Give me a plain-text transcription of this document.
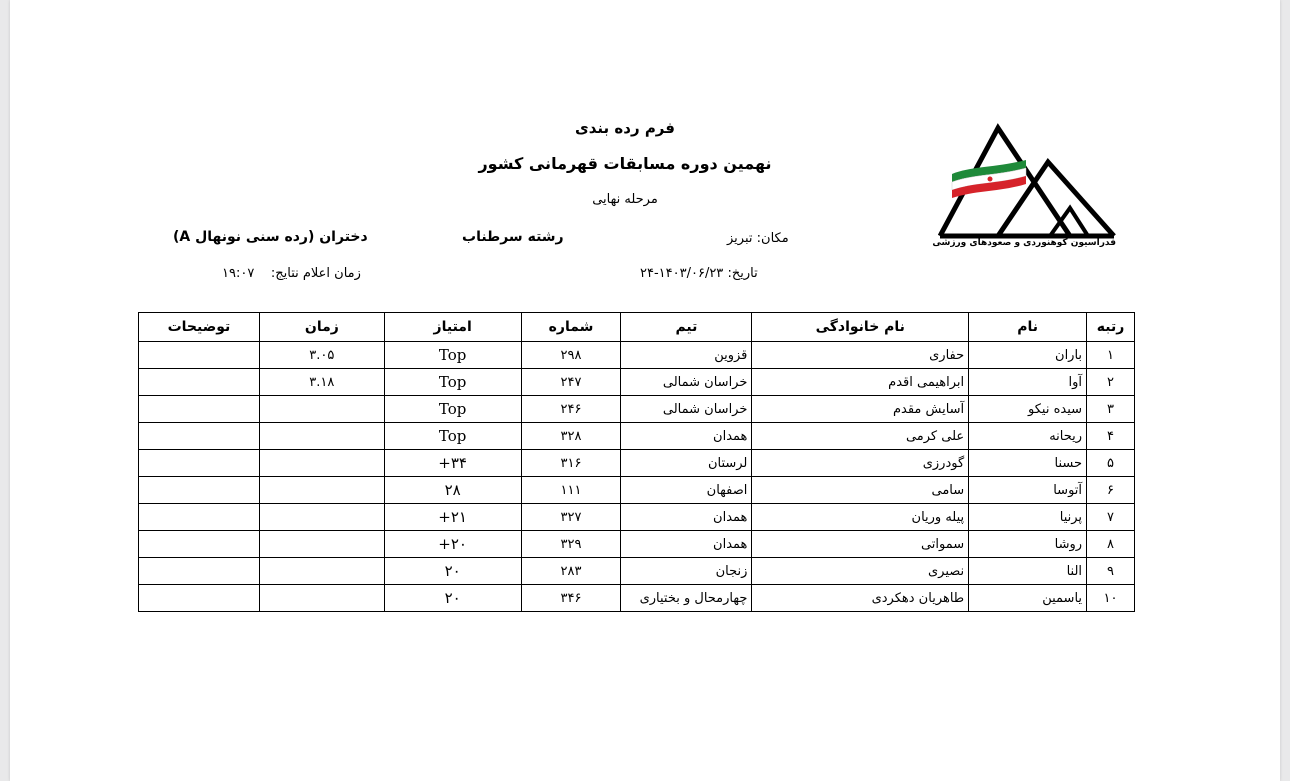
فرم رده بندی
نهمین دوره مسابقات قهرمانی کشور
مرحله نهایی
فدراسیون کوهنوردی و صعودهای ورزشی
مکان: تبریز
رشته سرطناب
دختران (رده سنی نونهال A)
تاریخ: ۱۴۰۳/۰۶/۲۳-۲۴
زمان اعلام نتایج:    ۱۹:۰۷
رتبه	نام	نام خانوادگی	تیم	شماره	امتیاز	زمان	توضیحات
۱	باران	حفاری	قزوین	۲۹۸	Top	۳.۰۵	
۲	آوا	ابراهیمی اقدم	خراسان شمالی	۲۴۷	Top	۳.۱۸	
۳	سیده نیکو	آسایش مقدم	خراسان شمالی	۲۴۶	Top		
۴	ریحانه	علی کرمی	همدان	۳۲۸	Top		
۵	حسنا	گودرزی	لرستان	۳۱۶	۳۴+		
۶	آتوسا	سامی	اصفهان	۱۱۱	۲۸		
۷	پرنیا	پیله وریان	همدان	۳۲۷	۲۱+		
۸	روشا	سمواتی	همدان	۳۲۹	۲۰+		
۹	النا	نصیری	زنجان	۲۸۳	۲۰		
۱۰	یاسمین	طاهریان دهکردی	چهارمحال و بختیاری	۳۴۶	۲۰		
